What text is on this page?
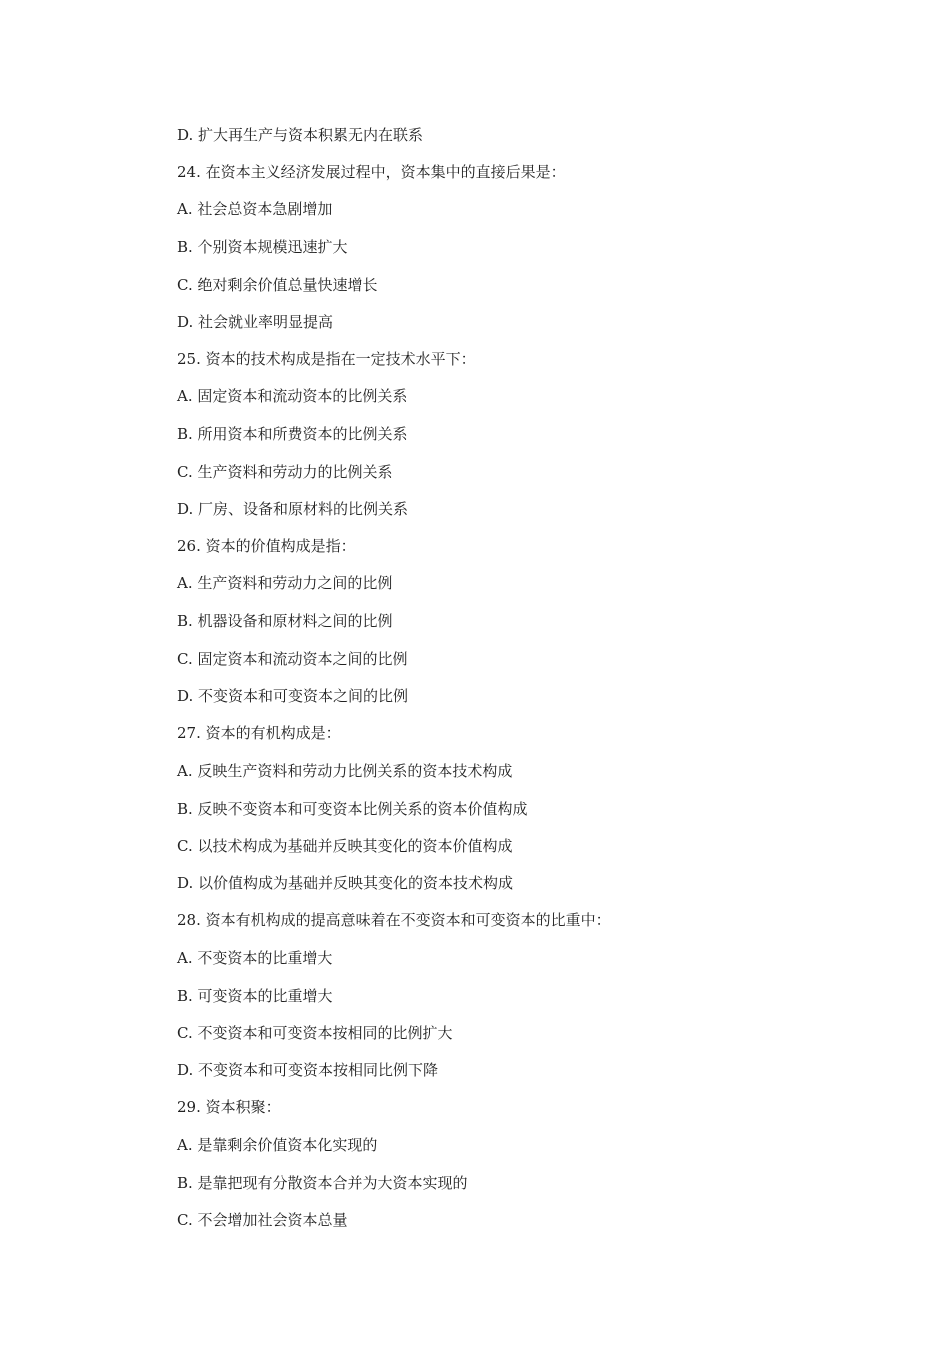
D. 扩大再生产与资本积累无内在联系
24. 在资本主义经济发展过程中，资本集中的直接后果是：
A. 社会总资本急剧增加
B. 个别资本规模迅速扩大
C. 绝对剩余价值总量快速增长
D. 社会就业率明显提高
25. 资本的技术构成是指在一定技术水平下：
A. 固定资本和流动资本的比例关系
B. 所用资本和所费资本的比例关系
C. 生产资料和劳动力的比例关系
D. 厂房、设备和原材料的比例关系
26. 资本的价值构成是指：
A. 生产资料和劳动力之间的比例
B. 机器设备和原材料之间的比例
C. 固定资本和流动资本之间的比例
D. 不变资本和可变资本之间的比例
27. 资本的有机构成是：
A. 反映生产资料和劳动力比例关系的资本技术构成
B. 反映不变资本和可变资本比例关系的资本价值构成
C. 以技术构成为基础并反映其变化的资本价值构成
D. 以价值构成为基础并反映其变化的资本技术构成
28. 资本有机构成的提高意味着在不变资本和可变资本的比重中：
A. 不变资本的比重增大
B. 可变资本的比重增大
C. 不变资本和可变资本按相同的比例扩大
D. 不变资本和可变资本按相同比例下降
29. 资本积聚：
A. 是靠剩余价值资本化实现的
B. 是靠把现有分散资本合并为大资本实现的
C. 不会增加社会资本总量
